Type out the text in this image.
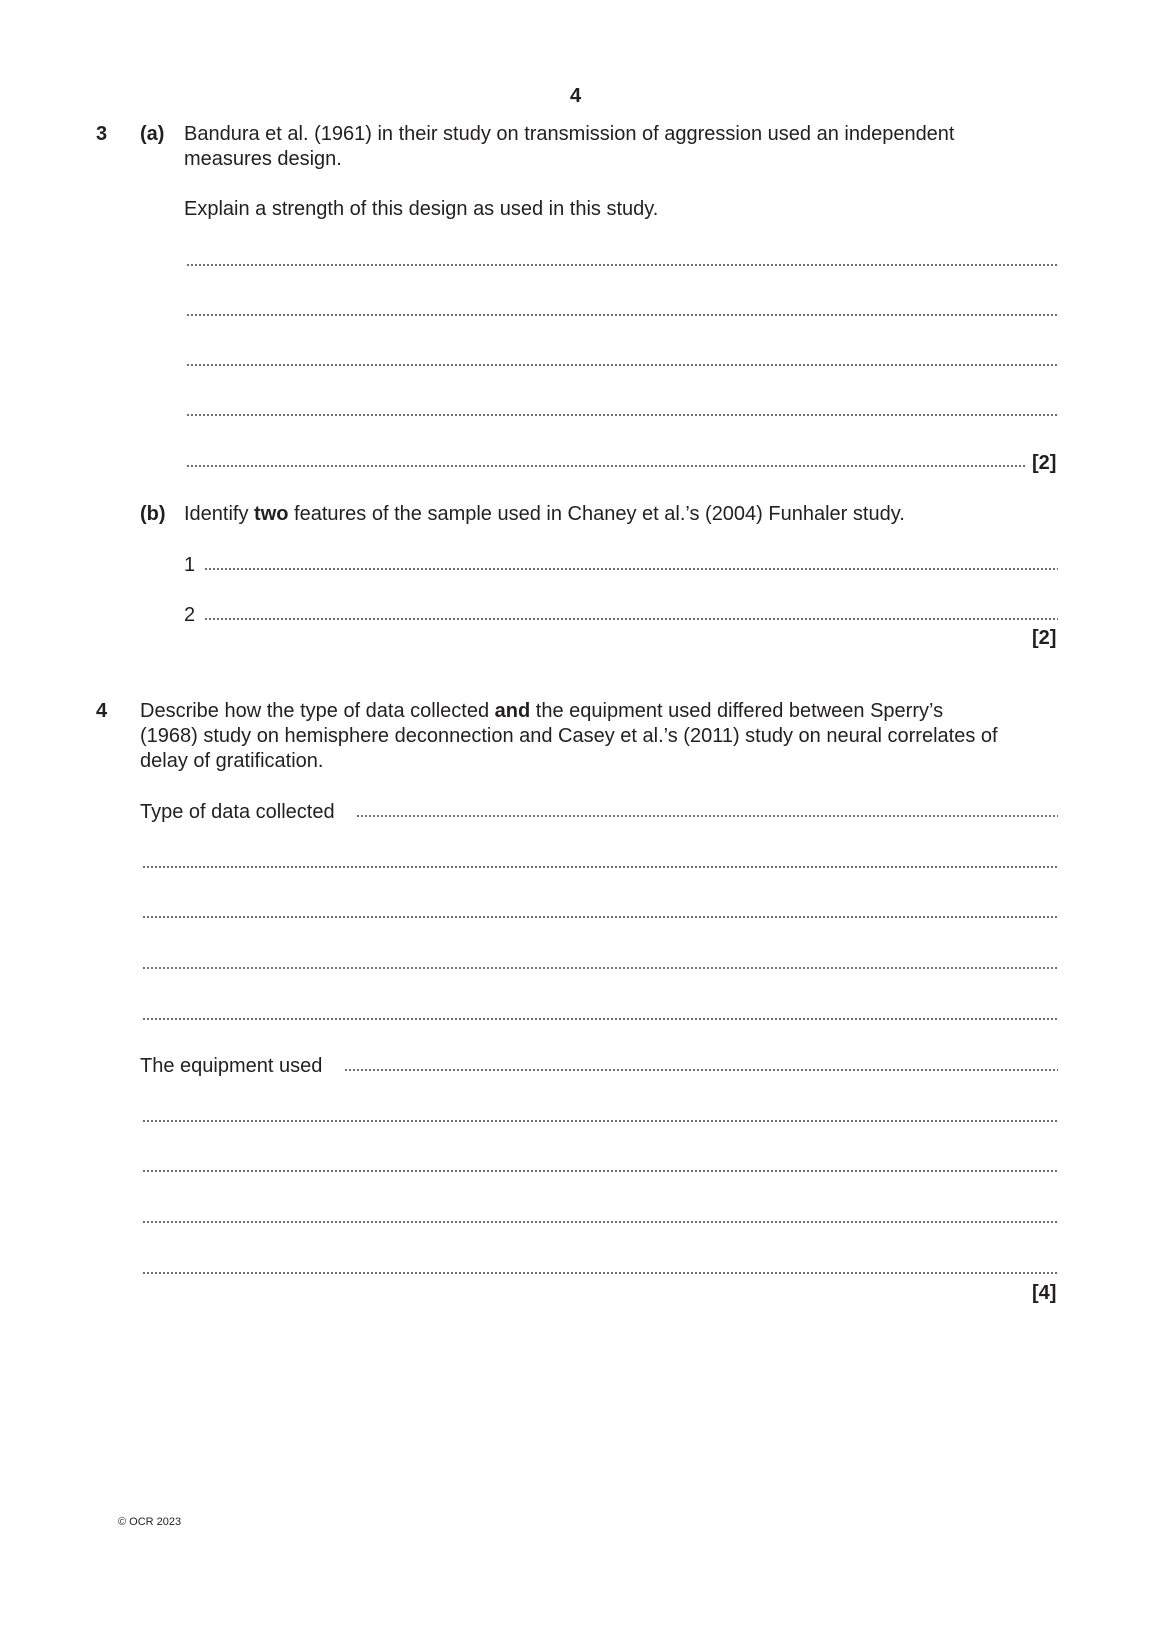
4
3 (a) Bandura et al. (1961) in their study on transmission of aggression used an independent
measures design.
Explain a strength of this design as used in this study.
[2]
(b) Identify two features of the sample used in Chaney et al.’s (2004) Funhaler study.
1
2
[2]
4 Describe how the type of data collected and the equipment used differed between Sperry’s
(1968) study on hemisphere deconnection and Casey et al.’s (2011) study on neural correlates of
delay of gratification.
Type of data collected
The equipment used
[4]
© OCR 2023
